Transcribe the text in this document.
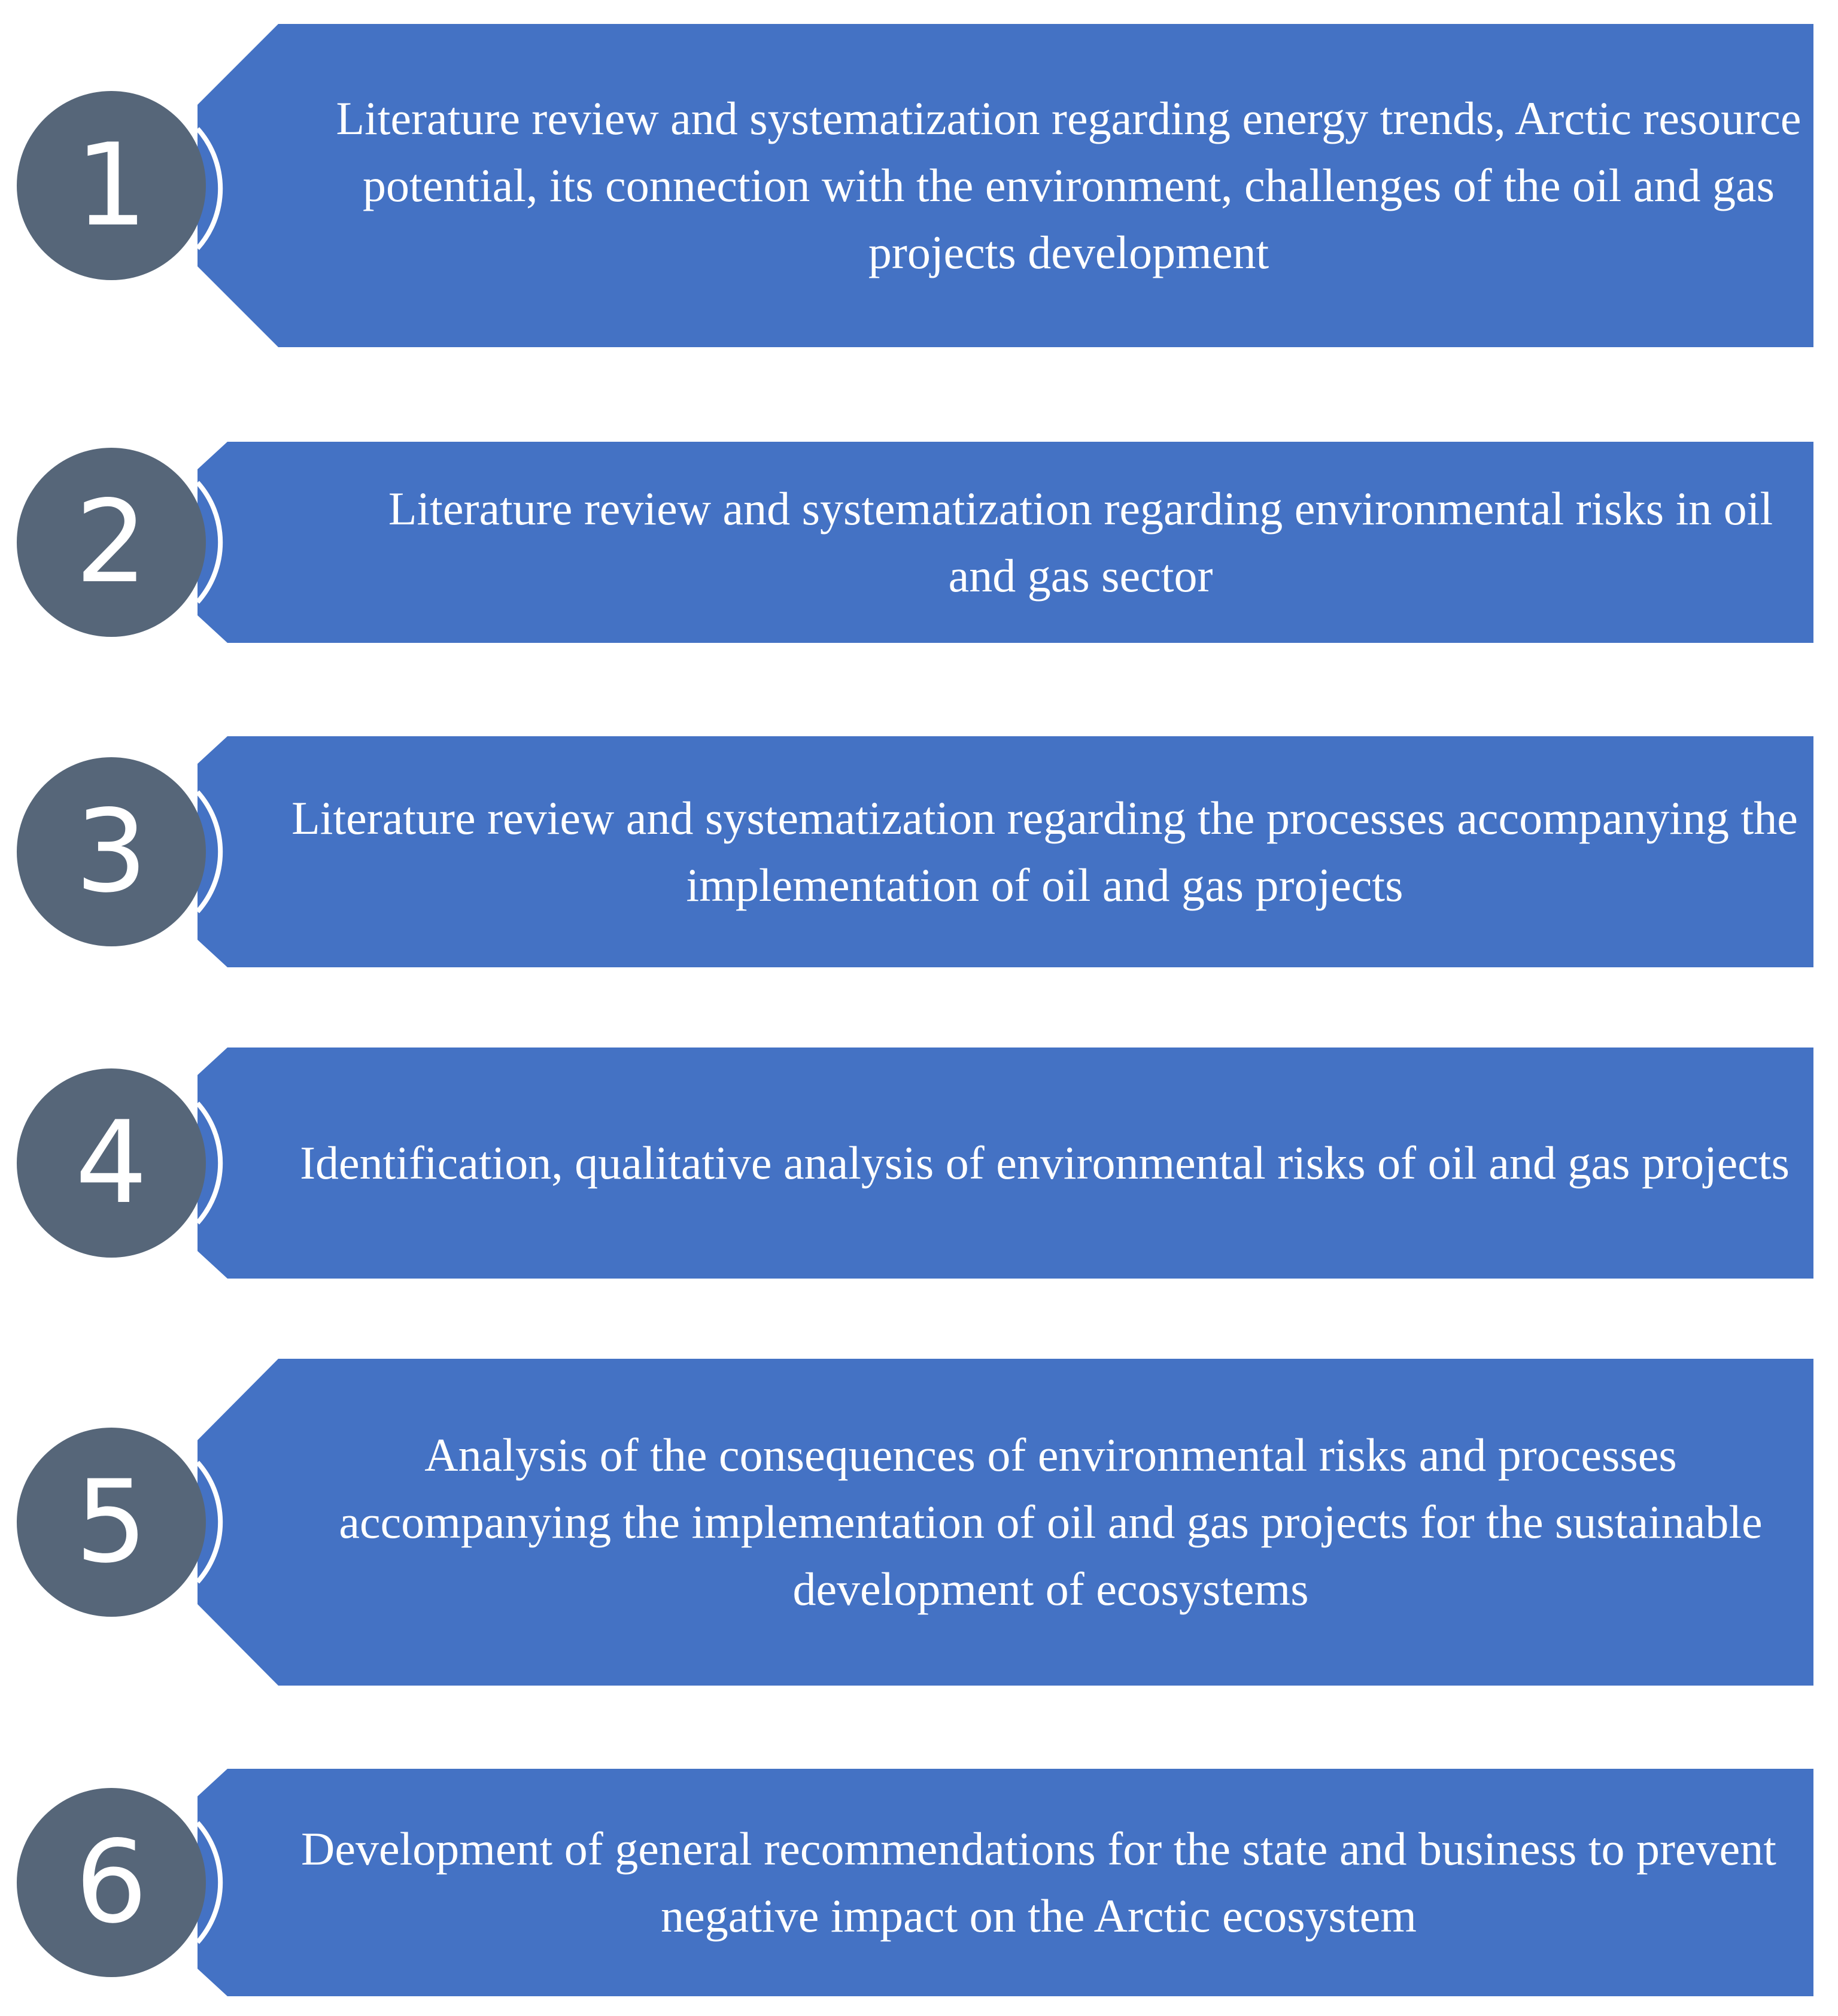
1
Literature review and systematization regarding energy trends, Arctic resource potential, its connection with the environment, challenges of the oil and gas projects development
2	Literature review and systematization regarding environmental risks in oil and gas sector
3	Literature review and systematization regarding the processes accompanying the implementation of oil and gas projects
4	Identification, qualitative analysis of environmental risks of oil and gas projects
5
Analysis of the consequences of environmental risks and processes accompanying the implementation of oil and gas projects for the sustainable development of ecosystems
6	Development of general recommendations for the state and business to prevent negative impact on the Arctic ecosystem
